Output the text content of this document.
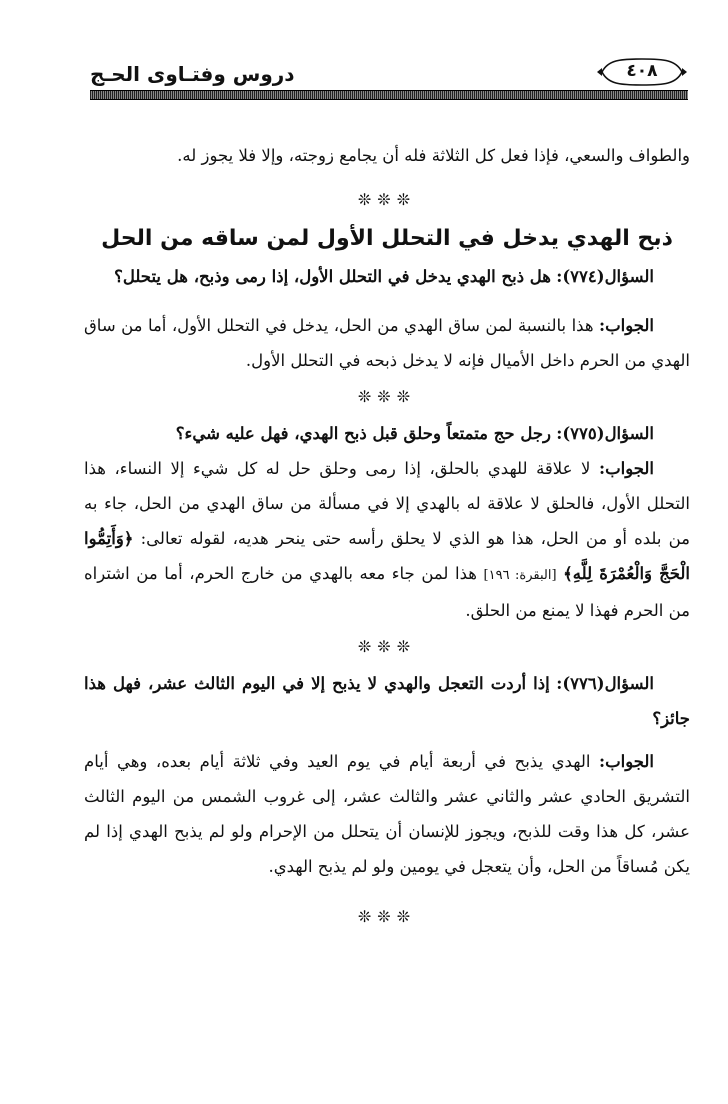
دروس وفتـاوى الحـج	٤٠٨

والطواف والسعي، فإذا فعل كل الثلاثة فله أن يجامع زوجته، وإلا فلا يجوز له.

❊❊❊
ذبح الهدي يدخل في التحلل الأول لمن ساقه من الحل

السؤال(٧٧٤): هل ذبح الهدي يدخل في التحلل الأول، إذا رمى وذبح، هل يتحلل؟

الجواب: هذا بالنسبة لمن ساق الهدي من الحل، يدخل في التحلل الأول، أما من ساق الهدي من الحرم داخل الأميال فإنه لا يدخل ذبحه في التحلل الأول.

❊❊❊

السؤال(٧٧٥): رجل حج متمتعاً وحلق قبل ذبح الهدي، فهل عليه شيء؟

الجواب: لا علاقة للهدي بالحلق، إذا رمى وحلق حل له كل شيء إلا النساء، هذا التحلل الأول، فالحلق لا علاقة له بالهدي إلا في مسألة من ساق الهدي من الحل، جاء به من بلده أو من الحل، هذا هو الذي لا يحلق رأسه حتى ينحر هديه، لقوله تعالى: ﴿وَأَتِمُّوا الْحَجَّ وَالْعُمْرَةَ لِلَّهِ﴾ [البقرة: ١٩٦] هذا لمن جاء معه بالهدي من خارج الحرم، أما من اشتراه من الحرم فهذا لا يمنع من الحلق.

❊❊❊

السؤال(٧٧٦): إذا أردت التعجل والهدي لا يذبح إلا في اليوم الثالث عشر، فهل هذا جائز؟

الجواب: الهدي يذبح في أربعة أيام في يوم العيد وفي ثلاثة أيام بعده، وهي أيام التشريق الحادي عشر والثاني عشر والثالث عشر، إلى غروب الشمس من اليوم الثالث عشر، كل هذا وقت للذبح، ويجوز للإنسان أن يتحلل من الإحرام ولو لم يذبح الهدي إذا لم يكن مُساقاً من الحل، وأن يتعجل في يومين ولو لم يذبح الهدي.

❊❊❊
